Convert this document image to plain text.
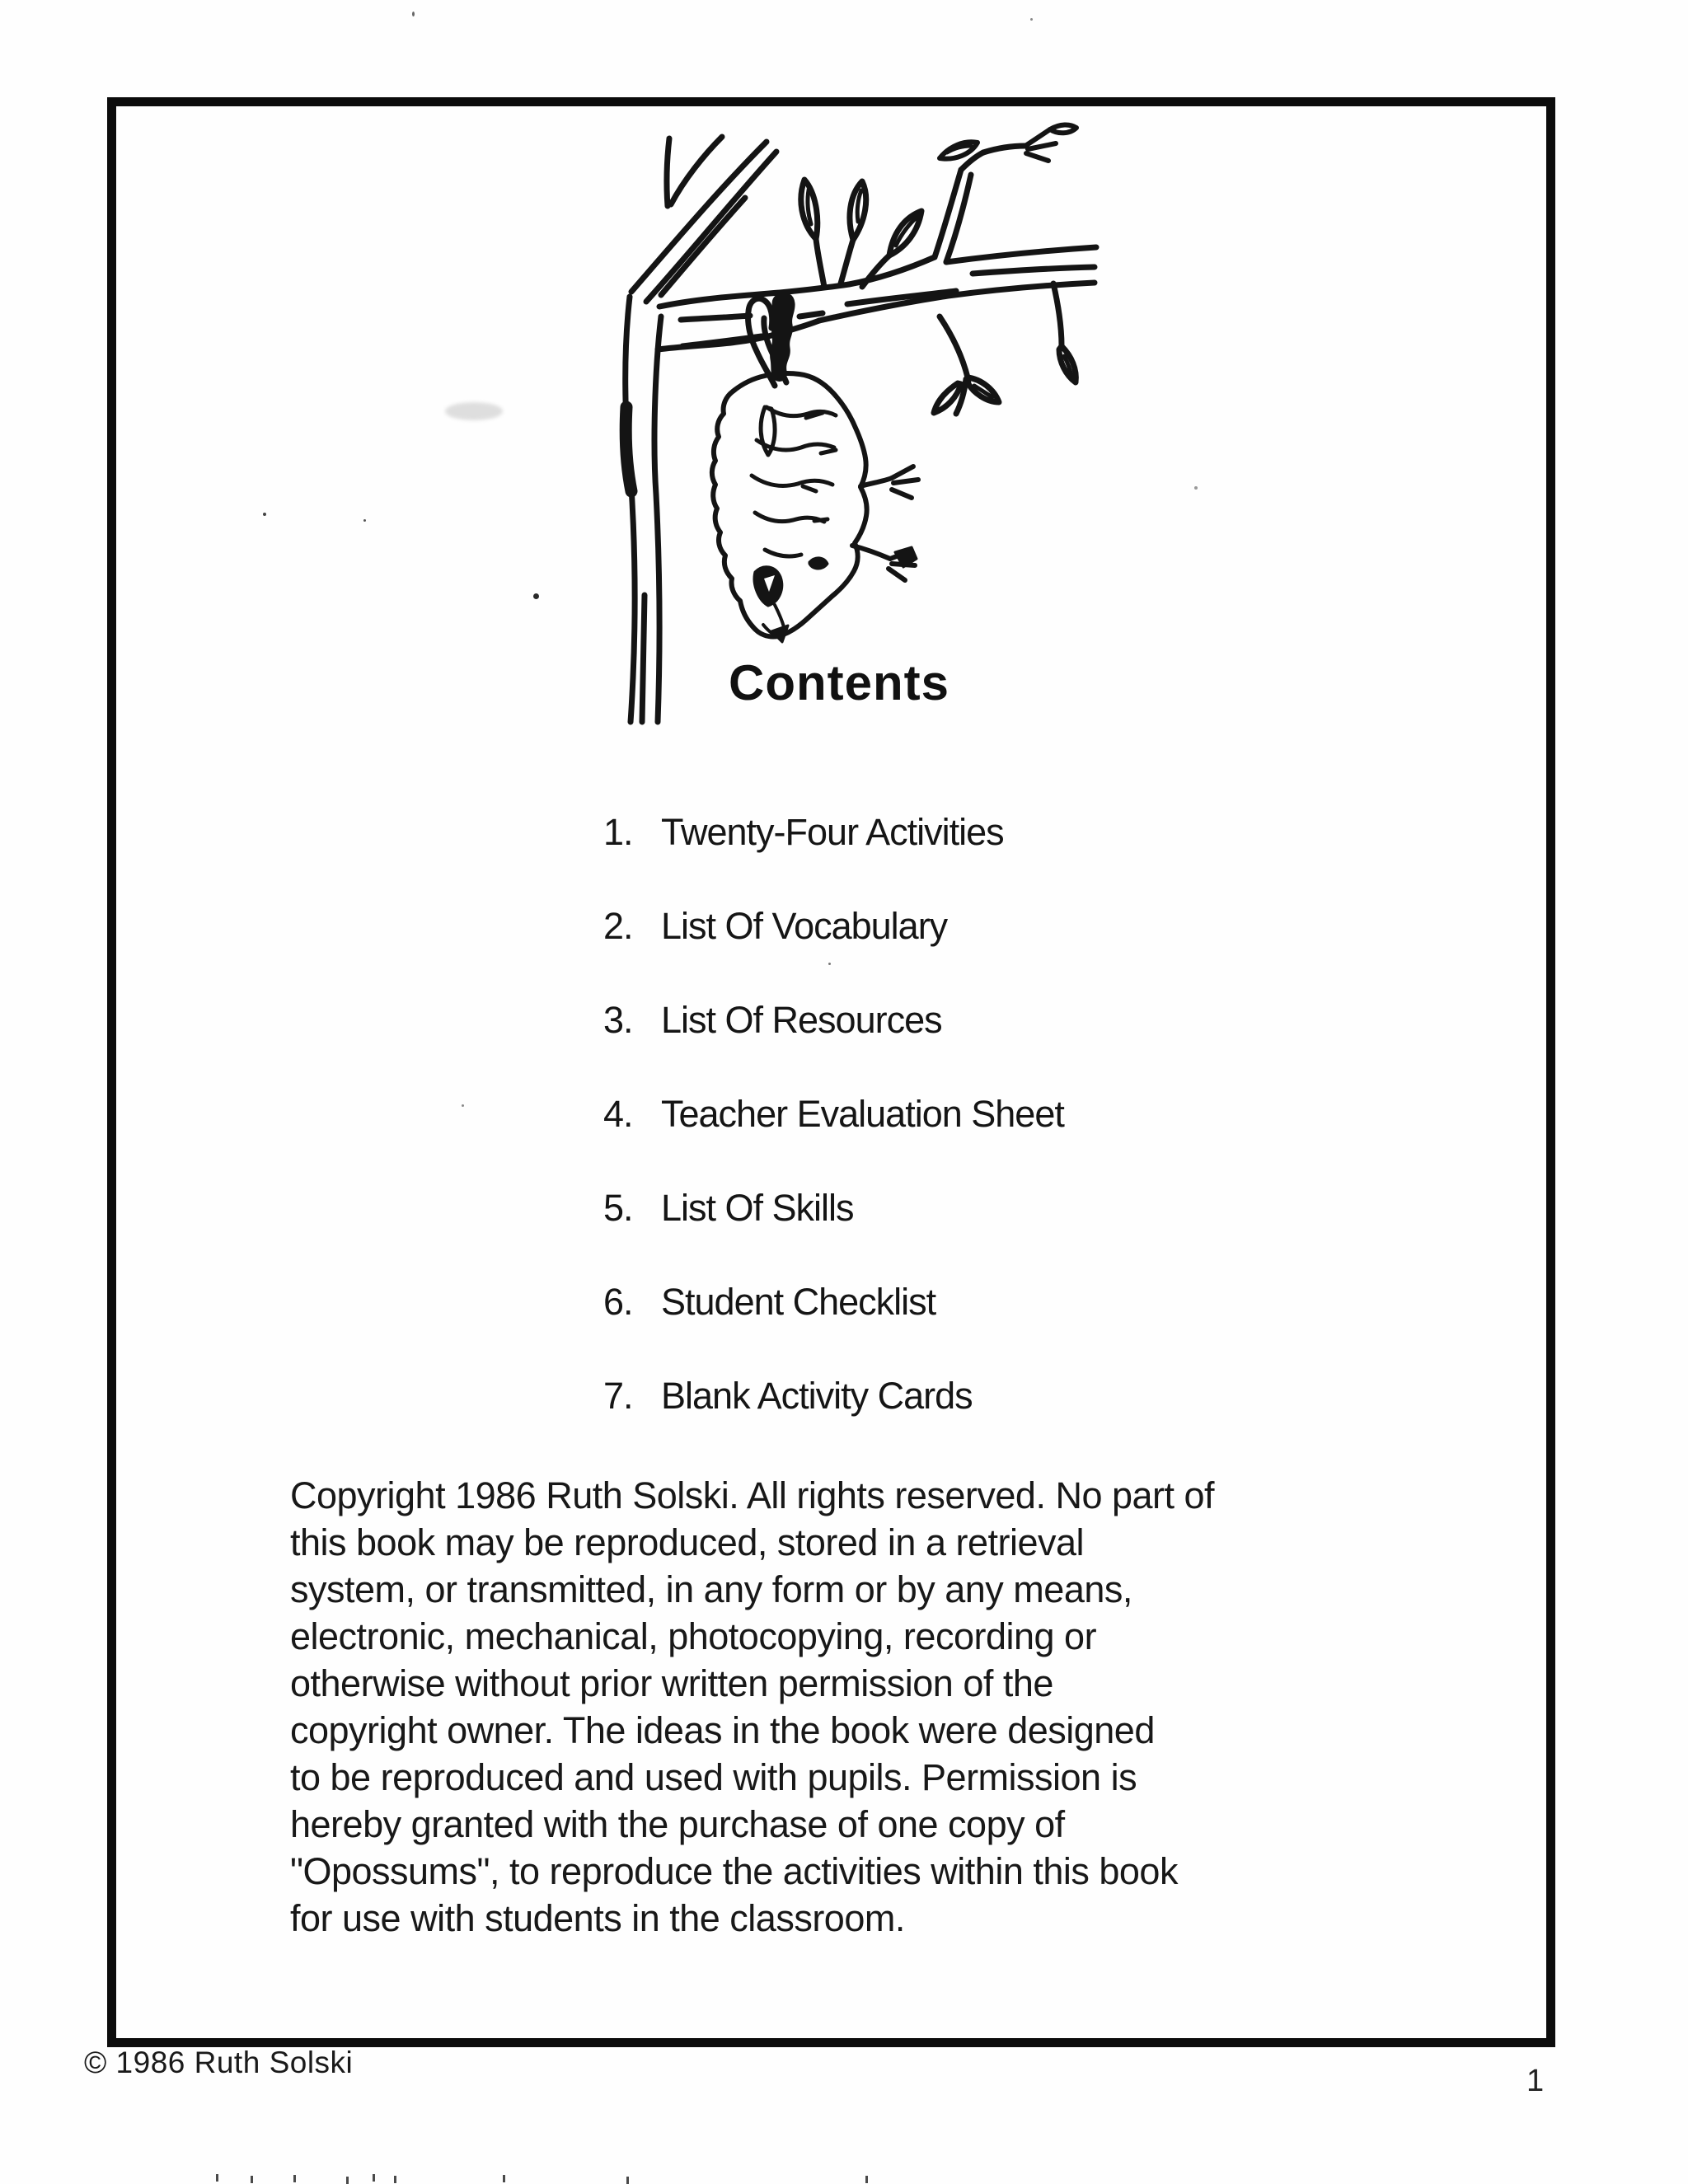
Contents
1. Twenty-Four Activities
2. List Of Vocabulary
3. List Of Resources
4. Teacher Evaluation Sheet
5. List Of Skills
6. Student Checklist
7. Blank Activity Cards
Copyright 1986 Ruth Solski. All rights reserved. No part of
this book may be reproduced, stored in a retrieval
system, or transmitted, in any form or by any means,
electronic, mechanical, photocopying, recording or
otherwise without prior written permission of the
copyright owner. The ideas in the book were designed
to be reproduced and used with pupils. Permission is
hereby granted with the purchase of one copy of
"Opossums", to reproduce the activities within this book
for use with students in the classroom.
© 1986 Ruth Solski
1
